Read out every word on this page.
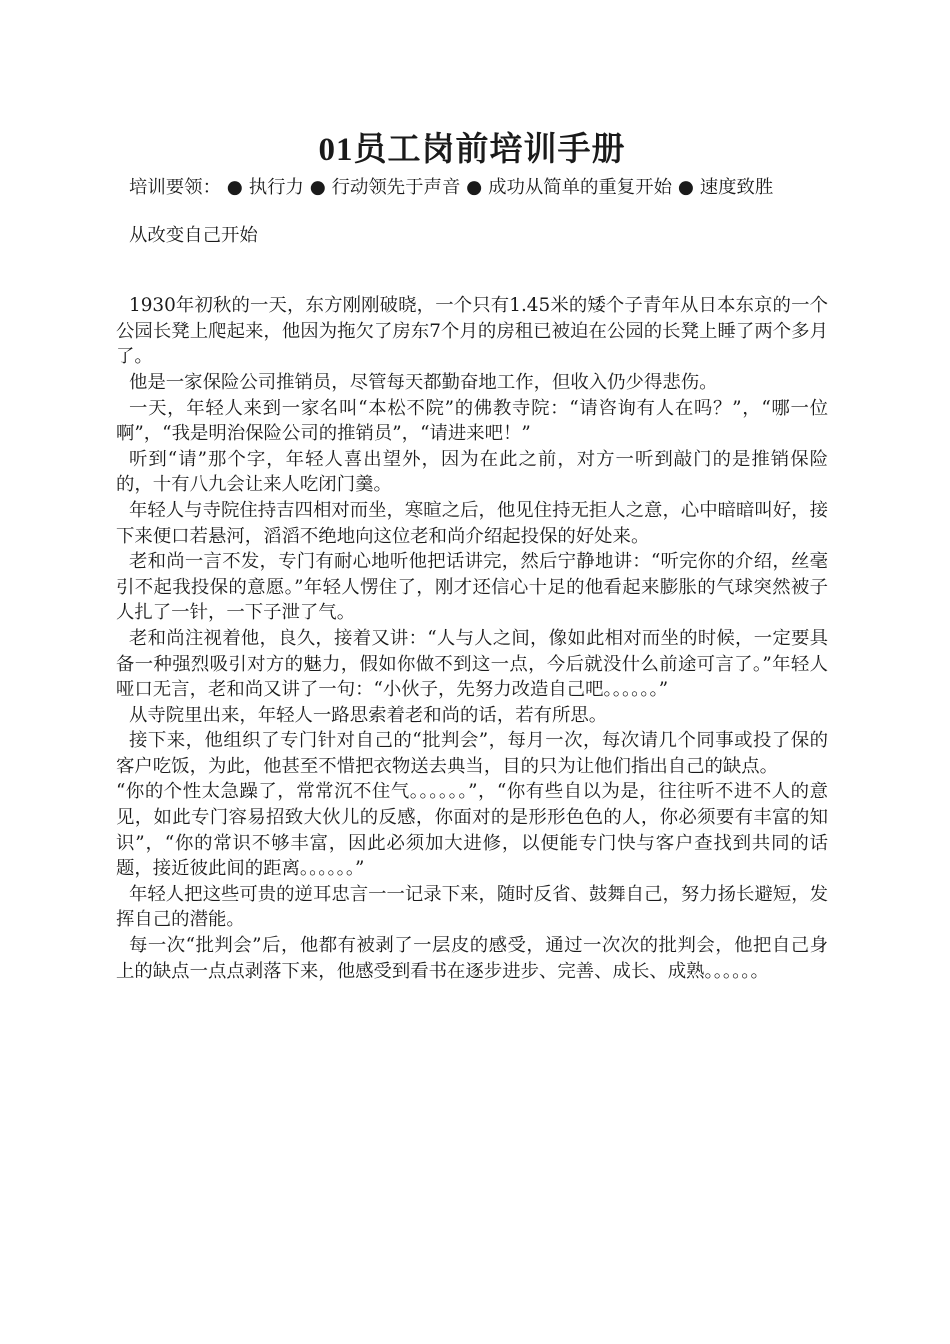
01员工岗前培训手册

培训要领： ● 执行力 ● 行动领先于声音 ● 成功从简单的重复开始 ● 速度致胜

从改变自己开始

1930年初秋的一天，东方刚刚破晓，一个只有1.45米的矮个子青年从日本东京的一个公园长凳上爬起来，他因为拖欠了房东7个月的房租已被迫在公园的长凳上睡了两个多月了。

他是一家保险公司推销员，尽管每天都勤奋地工作，但收入仍少得悲伤。

一天，年轻人来到一家名叫“本松不院”的佛教寺院：“请咨询有人在吗？”，“哪一位啊”，“我是明治保险公司的推销员”，“请进来吧！”

听到“请”那个字，年轻人喜出望外，因为在此之前，对方一听到敲门的是推销保险的，十有八九会让来人吃闭门羹。

年轻人与寺院住持吉四相对而坐，寒暄之后，他见住持无拒人之意，心中暗暗叫好，接下来便口若悬河，滔滔不绝地向这位老和尚介绍起投保的好处来。

老和尚一言不发，专门有耐心地听他把话讲完，然后宁静地讲：“听完你的介绍，丝毫引不起我投保的意愿。”年轻人愣住了，刚才还信心十足的他看起来膨胀的气球突然被子人扎了一针，一下子泄了气。

老和尚注视着他，良久，接着又讲：“人与人之间，像如此相对而坐的时候，一定要具备一种强烈吸引对方的魅力，假如你做不到这一点，今后就没什么前途可言了。”年轻人哑口无言，老和尚又讲了一句：“小伙子，先努力改造自己吧。。。。。。”

从寺院里出来，年轻人一路思索着老和尚的话，若有所思。

接下来，他组织了专门针对自己的“批判会”，每月一次，每次请几个同事或投了保的客户吃饭，为此，他甚至不惜把衣物送去典当，目的只为让他们指出自己的缺点。

“你的个性太急躁了，常常沉不住气。。。。。。”，“你有些自以为是，往往听不进不人的意见，如此专门容易招致大伙儿的反感，你面对的是形形色色的人，你必须要有丰富的知识”，“你的常识不够丰富，因此必须加大进修，以便能专门快与客户查找到共同的话题，接近彼此间的距离。。。。。。”

年轻人把这些可贵的逆耳忠言一一记录下来，随时反省、鼓舞自己，努力扬长避短，发挥自己的潜能。

每一次“批判会”后，他都有被剥了一层皮的感受，通过一次次的批判会，他把自己身上的缺点一点点剥落下来，他感受到看书在逐步进步、完善、成长、成熟。。。。。。
